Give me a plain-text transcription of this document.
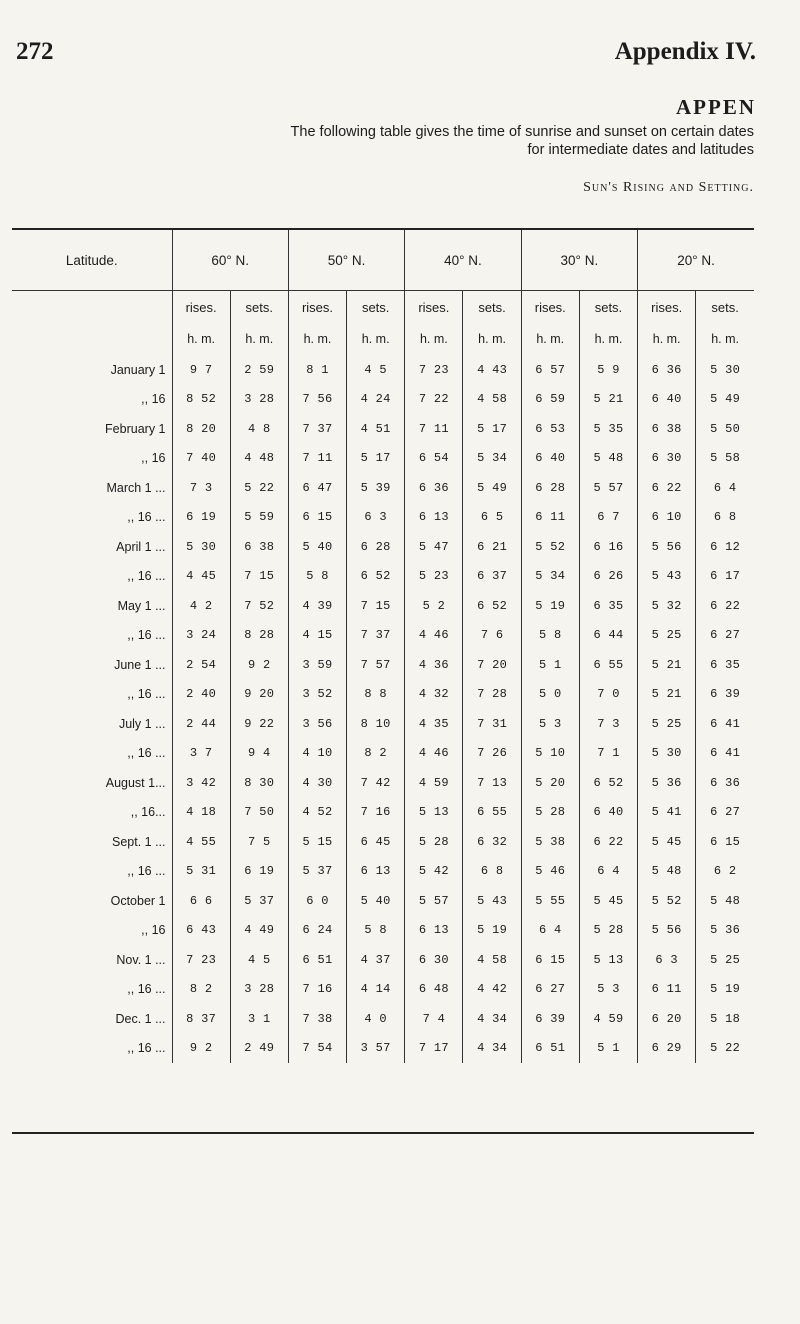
272	Appendix IV.
APPEN
The following table gives the time of sunrise and sunset on certain dates
for intermediate dates and latitudes
Sun's Rising and Setting.
Latitude.	60° N.		50° N.		40° N.		30° N.		20° N.	
	rises.	sets.	rises.	sets.	rises.	sets.	rises.	sets.	rises.	sets.
	h. m.	h. m.	h. m.	h. m.	h. m.	h. m.	h. m.	h. m.	h. m.	h. m.
January 1	9 7	2 59	8 1	4 5	7 23	4 43	6 57	5 9	6 36	5 30
,, 16	8 52	3 28	7 56	4 24	7 22	4 58	6 59	5 21	6 40	5 49
February 1	8 20	4 8	7 37	4 51	7 11	5 17	6 53	5 35	6 38	5 50
,, 16	7 40	4 48	7 11	5 17	6 54	5 34	6 40	5 48	6 30	5 58
March 1 ...	7 3	5 22	6 47	5 39	6 36	5 49	6 28	5 57	6 22	6 4
,, 16 ...	6 19	5 59	6 15	6 3	6 13	6 5	6 11	6 7	6 10	6 8
April 1 ...	5 30	6 38	5 40	6 28	5 47	6 21	5 52	6 16	5 56	6 12
,, 16 ...	4 45	7 15	5 8	6 52	5 23	6 37	5 34	6 26	5 43	6 17
May 1 ...	4 2	7 52	4 39	7 15	5 2	6 52	5 19	6 35	5 32	6 22
,, 16 ...	3 24	8 28	4 15	7 37	4 46	7 6	5 8	6 44	5 25	6 27
June 1 ...	2 54	9 2	3 59	7 57	4 36	7 20	5 1	6 55	5 21	6 35
,, 16 ...	2 40	9 20	3 52	8 8	4 32	7 28	5 0	7 0	5 21	6 39
July 1 ...	2 44	9 22	3 56	8 10	4 35	7 31	5 3	7 3	5 25	6 41
,, 16 ...	3 7	9 4	4 10	8 2	4 46	7 26	5 10	7 1	5 30	6 41
August 1...	3 42	8 30	4 30	7 42	4 59	7 13	5 20	6 52	5 36	6 36
,, 16...	4 18	7 50	4 52	7 16	5 13	6 55	5 28	6 40	5 41	6 27
Sept. 1 ...	4 55	7 5	5 15	6 45	5 28	6 32	5 38	6 22	5 45	6 15
,, 16 ...	5 31	6 19	5 37	6 13	5 42	6 8	5 46	6 4	5 48	6 2
October 1	6 6	5 37	6 0	5 40	5 57	5 43	5 55	5 45	5 52	5 48
,, 16	6 43	4 49	6 24	5 8	6 13	5 19	6 4	5 28	5 56	5 36
Nov. 1 ...	7 23	4 5	6 51	4 37	6 30	4 58	6 15	5 13	6 3	5 25
,, 16 ...	8 2	3 28	7 16	4 14	6 48	4 42	6 27	5 3	6 11	5 19
Dec. 1 ...	8 37	3 1	7 38	4 0	7 4	4 34	6 39	4 59	6 20	5 18
,, 16 ...	9 2	2 49	7 54	3 57	7 17	4 34	6 51	5 1	6 29	5 22
